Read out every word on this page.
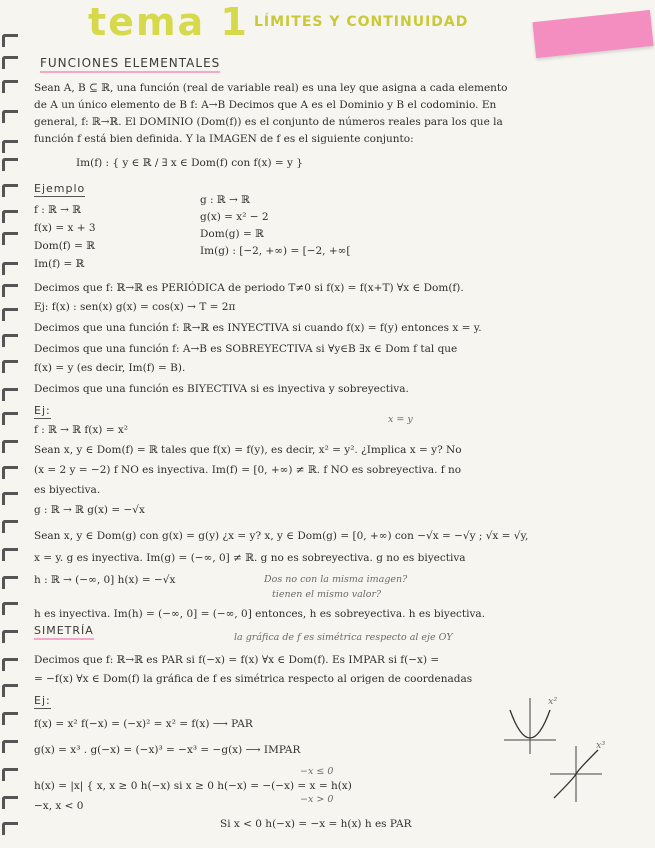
tema 1 LÍMITES Y CONTINUIDAD
FUNCIONES ELEMENTALES
Sean A, B ⊆ ℝ, una función (real de variable real) es una ley que asigna a cada elemento
de A un único elemento de B f: A→B Decimos que A es el Dominio y B el codominio. En
general, f: ℝ→ℝ. El DOMINIO (Dom(f)) es el conjunto de números reales para los que la
función f está bien definida. Y la IMAGEN de f es el siguiente conjunto:
Im(f) : { y ∈ ℝ / ∃ x ∈ Dom(f) con f(x) = y }
Ejemplo
f : ℝ → ℝ
f(x) = x + 3
Dom(f) = ℝ
Im(f) = ℝ
g : ℝ → ℝ
g(x) = x² − 2
Dom(g) = ℝ
Im(g) : [−2, +∞) = [−2, +∞[
Decimos que f: ℝ→ℝ es PERIÓDICA de periodo T≠0 si f(x) = f(x+T) ∀x ∈ Dom(f).
Ej: f(x) : sen(x) g(x) = cos(x) → T = 2π
Decimos que una función f: ℝ→ℝ es INYECTIVA si cuando f(x) = f(y) entonces x = y.
Decimos que una función f: A→B es SOBREYECTIVA si ∀y∈B ∃x ∈ Dom f tal que
f(x) = y (es decir, Im(f) = B).
Decimos que una función es BIYECTIVA si es inyectiva y sobreyectiva.
Ej:
x = y
f : ℝ → ℝ f(x) = x²
Sean x, y ∈ Dom(f) = ℝ tales que f(x) = f(y), es decir, x² = y². ¿Implica x = y? No
(x = 2 y = −2) f NO es inyectiva. Im(f) = [0, +∞) ≠ ℝ. f NO es sobreyectiva. f no
es biyectiva.
g : ℝ → ℝ g(x) = −√x
Sean x, y ∈ Dom(g) con g(x) = g(y) ¿x = y? x, y ∈ Dom(g) = [0, +∞) con −√x = −√y ; √x = √y,
x = y. g es inyectiva. Im(g) = (−∞, 0] ≠ ℝ. g no es sobreyectiva. g no es biyectiva
h : ℝ → (−∞, 0] h(x) = −√x	Dos no con la misma imagen?
tienen el mismo valor?
h es inyectiva. Im(h) = (−∞, 0] = (−∞, 0] entonces, h es sobreyectiva. h es biyectiva.
SIMETRÍA
la gráfica de f es simétrica respecto al eje OY
Decimos que f: ℝ→ℝ es PAR si f(−x) = f(x) ∀x ∈ Dom(f). Es IMPAR si f(−x) =
= −f(x) ∀x ∈ Dom(f) la gráfica de f es simétrica respecto al origen de coordenadas
Ej:
f(x) = x² f(−x) = (−x)² = x² = f(x) ⟶ PAR
g(x) = x³ . g(−x) = (−x)³ = −x³ = −g(x) ⟶ IMPAR
−x ≤ 0
h(x) = |x| { x, x ≥ 0 h(−x) si x ≥ 0 h(−x) = −(−x) = x = h(x)
−x > 0
−x, x < 0
Si x < 0 h(−x) = −x = h(x) h es PAR
x²
x³
